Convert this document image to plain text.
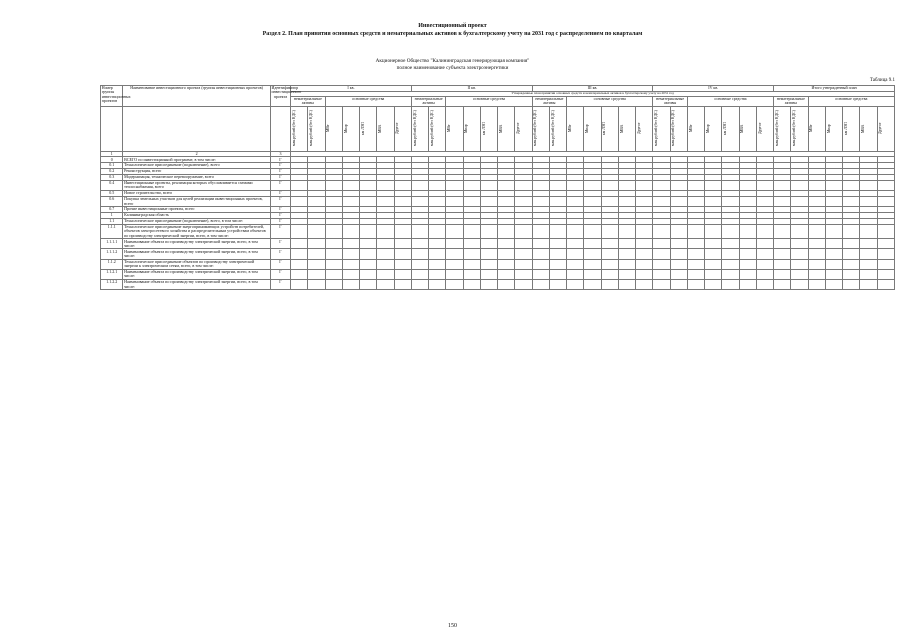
Инвестиционный проект
Раздел 2. План принятия основных средств и нематериальных активов к бухгалтерскому учету на 2031 год с распределением по кварталам
Акционерное Общество "Калининградская генерирующая компания"
полное наименование субъекта электроэнергетики
Таблица 9.1
Номер группы инвестиционных проектов	Наименование инвестиционного проекта (группы инвестиционных проектов)	Идентификатор инвестиционного проекта	I кв.							II кв.							III кв.							IV кв.							Итого утвержденный план						
			Утвержденные план принятия основных средств и нематериальных активов к бухгалтерскому учету на 2031 год																																		
			нематериальные активы		основные средства					нематериальные активы		основные средства					нематериальные активы		основные средства					нематериальные активы		основные средства					нематериальные активы		основные средства				

			млн.рублей (без НДС)	млн.рублей (без НДС)	МВт	Мвар	км ЛЭП	МВА	Другое	млн.рублей (без НДС)	млн.рублей (без НДС)	МВт	Мвар	км ЛЭП	МВА	Другое	млн.рублей (без НДС)	млн.рублей (без НДС)	МВт	Мвар	км ЛЭП	МВА	Другое	млн.рублей (без НДС)	млн.рублей (без НДС)	МВт	Мвар	км ЛЭП	МВА	Другое	млн.рублей (без НДС)	млн.рублей (без НДС)	МВт	Мвар	км ЛЭП	МВА	Другое

1	2	3																																			
0	ВСЕГО по инвестиционной программе, в том числе:	Г																																			
0.1	Технологическое присоединение (подключение), всего	Г																																			
0.2	Реконструкция, всего	Г																																			
0.3	Модернизация, техническое перевооружение, всего	Г																																			
0.4	Инвестиционные проекты, реализация которых обуславливается схемами теплоснабжения, всего	Г																																			
0.5	Новое строительство, всего	Г																																			
0.6	Покупка земельных участков для целей реализации инвестиционных проектов, всего	Г																																			
0.7	Прочие инвестиционные проекты, всего	Г																																			
1	Калининградская область	Г																																			
1.1	Технологическое присоединение (подключение), всего, в том числе:	Г																																			
1.1.1	Технологическое присоединение энергопринимающих устройств потребителей, объектов электросетевого хозяйства и распределительным устройствам объектов по производству электрической энергии, всего, в том числе:	Г																																			
1.1.1.1	Наименование объекта по производству электрической энергии, всего, в том числе:	Г																																			
1.1.1.2	Наименование объекта по производству электрической энергии, всего, в том числе:	Г																																			
1.1.2	Технологическое присоединение объектов по производству электрической энергии к электрическим сетям, всего, в том числе:	Г																																			
1.1.2.1	Наименование объекта по производству электрической энергии, всего, в том числе:	Г																																			
1.1.2.2	Наименование объекта по производству электрической энергии, всего, в том числе:	Г																																			
150
